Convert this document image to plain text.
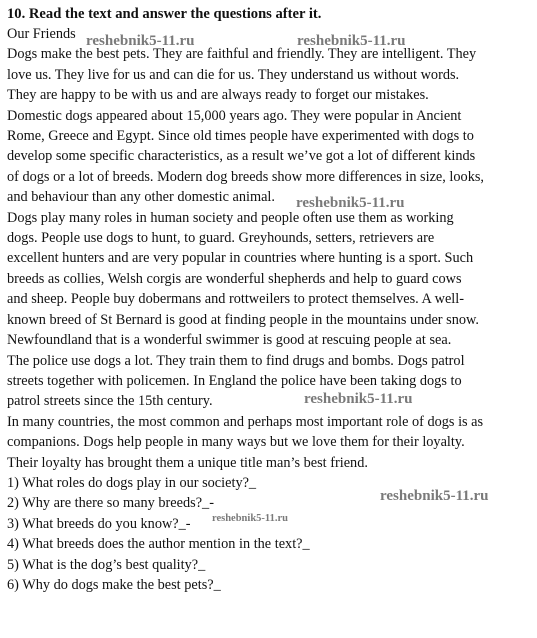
10. Read the text and answer the questions after it.

Our Friends

Dogs make the best pets. They are faithful and friendly. They are intelligent. They

love us. They live for us and can die for us. They understand us without words.

They are happy to be with us and are always ready to forget our mistakes.

Domestic dogs appeared about 15,000 years ago. They were popular in Ancient

Rome, Greece and Egypt. Since old times people have experimented with dogs to

develop some specific characteristics, as a result we’ve got a lot of different kinds

of dogs or a lot of breeds. Modern dog breeds show more differences in size, looks,

and behaviour than any other domestic animal.

Dogs play many roles in human society and people often use them as working

dogs. People use dogs to hunt, to guard. Greyhounds, setters, retrievers are

excellent hunters and are very popular in countries where hunting is a sport. Such

breeds as collies, Welsh corgis are wonderful shepherds and help to guard cows

and sheep. People buy dobermans and rottweilers to protect themselves. A well-

known breed of St Bernard is good at finding people in the mountains under snow.

Newfoundland that is a wonderful swimmer is good at rescuing people at sea.

The police use dogs a lot. They train them to find drugs and bombs. Dogs patrol

streets together with policemen. In England the police have been taking dogs to

patrol streets since the 15th century.

In many countries, the most common and perhaps most important role of dogs is as

companions. Dogs help people in many ways but we love them for their loyalty.

Their loyalty has brought them a unique title man’s best friend.

1) What roles do dogs play in our society?_

2) Why are there so many breeds?_-

3) What breeds do you know?_-

4) What breeds does the author mention in the text?_

5) What is the dog’s best quality?_

6) Why do dogs make the best pets?_

reshebnik5-11.ru	reshebnik5-11.ru
reshebnik5-11.ru
reshebnik5-11.ru
reshebnik5-11.ru
reshebnik5-11.ru
